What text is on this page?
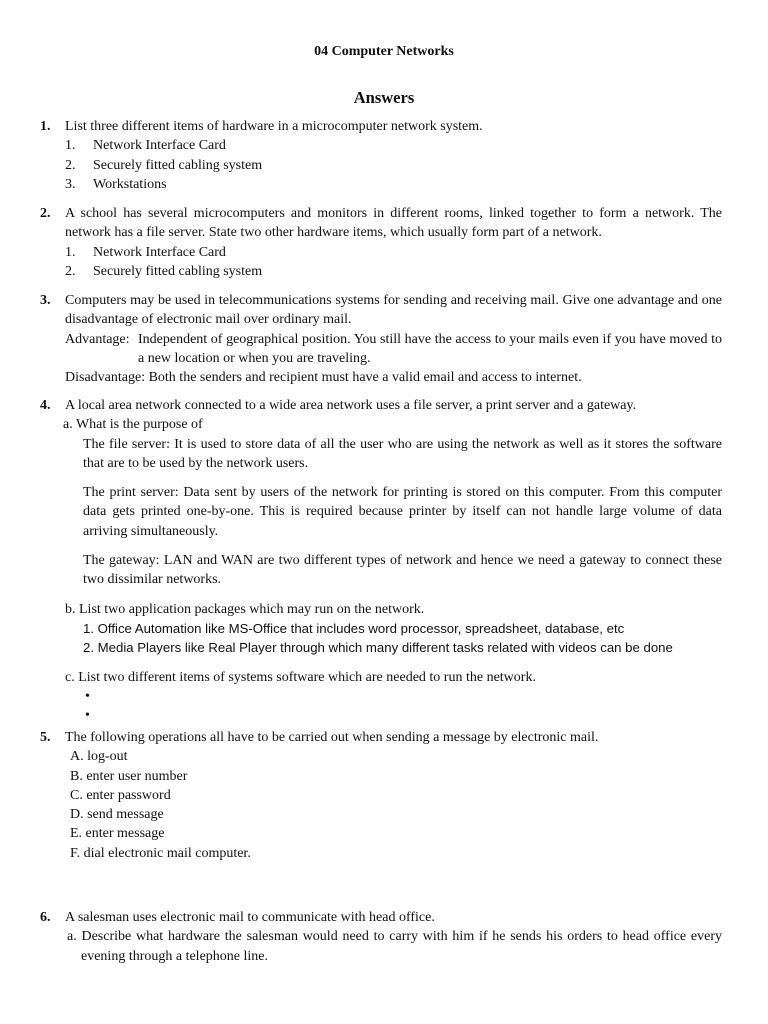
04 Computer Networks
Answers
1. List three different items of hardware in a microcomputer network system.
1. Network Interface Card
2. Securely fitted cabling system
3. Workstations
2. A school has several microcomputers and monitors in different rooms, linked together to form a network. The network has a file server. State two other hardware items, which usually form part of a network.
1. Network Interface Card
2. Securely fitted cabling system
3. Computers may be used in telecommunications systems for sending and receiving mail. Give one advantage and one disadvantage of electronic mail over ordinary mail.
Advantage: Independent of geographical position. You still have the access to your mails even if you have moved to a new location or when you are traveling.
Disadvantage: Both the senders and recipient must have a valid email and access to internet.
4. A local area network connected to a wide area network uses a file server, a print server and a gateway.
a. What is the purpose of
The file server: It is used to store data of all the user who are using the network as well as it stores the software that are to be used by the network users.
The print server: Data sent by users of the network for printing is stored on this computer. From this computer data gets printed one-by-one. This is required because printer by itself can not handle large volume of data arriving simultaneously.
The gateway: LAN and WAN are two different types of network and hence we need a gateway to connect these two dissimilar networks.
b. List two application packages which may run on the network.
1. Office Automation like MS-Office that includes word processor, spreadsheet, database, etc
2. Media Players like Real Player through which many different tasks related with videos can be done
c. List two different items of systems software which are needed to run the network.
•
•
5. The following operations all have to be carried out when sending a message by electronic mail.
A. log-out
B. enter user number
C. enter password
D. send message
E. enter message
F. dial electronic mail computer.
6. A salesman uses electronic mail to communicate with head office.
a. Describe what hardware the salesman would need to carry with him if he sends his orders to head office every evening through a telephone line.
